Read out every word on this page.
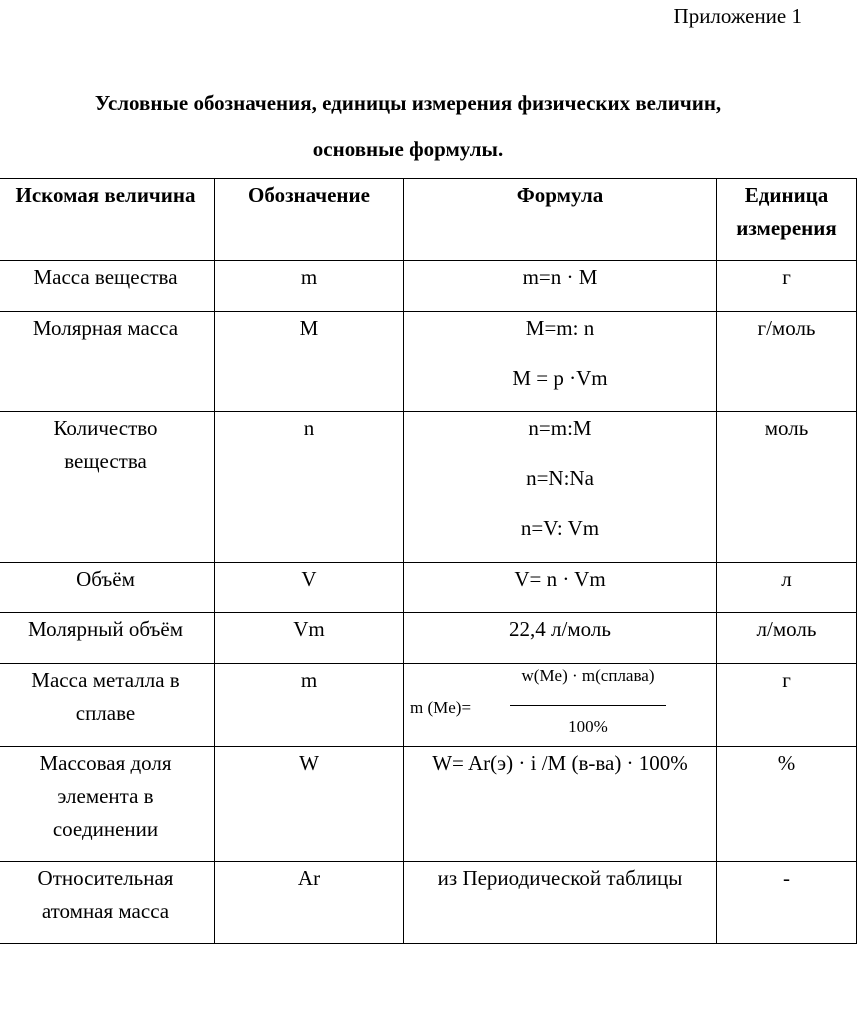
Приложение 1

Условные обозначения, единицы измерения физических величин,

основные формулы.

Искомая величина	Обозначение	Формула	Единица
измерения

Масса вещества	m	m=n · M	г

Молярная масса	M	M=m: n
M = p ·Vm	г/моль

Количество
вещества	n	n=m:M
n=N:Na
n=V: Vm	моль

Объём	V	V= n · Vm	л

Молярный объём	Vm	22,4 л/моль	л/моль

Масса металла в
сплаве	m	m (Me)=
w(Me) · m(сплава)
100%	г

Массовая доля
элемента в
соединении	W	W= Ar(э) · i /M (в-ва) · 100%	%

Относительная
атомная масса	Ar	из Периодической таблицы	-
